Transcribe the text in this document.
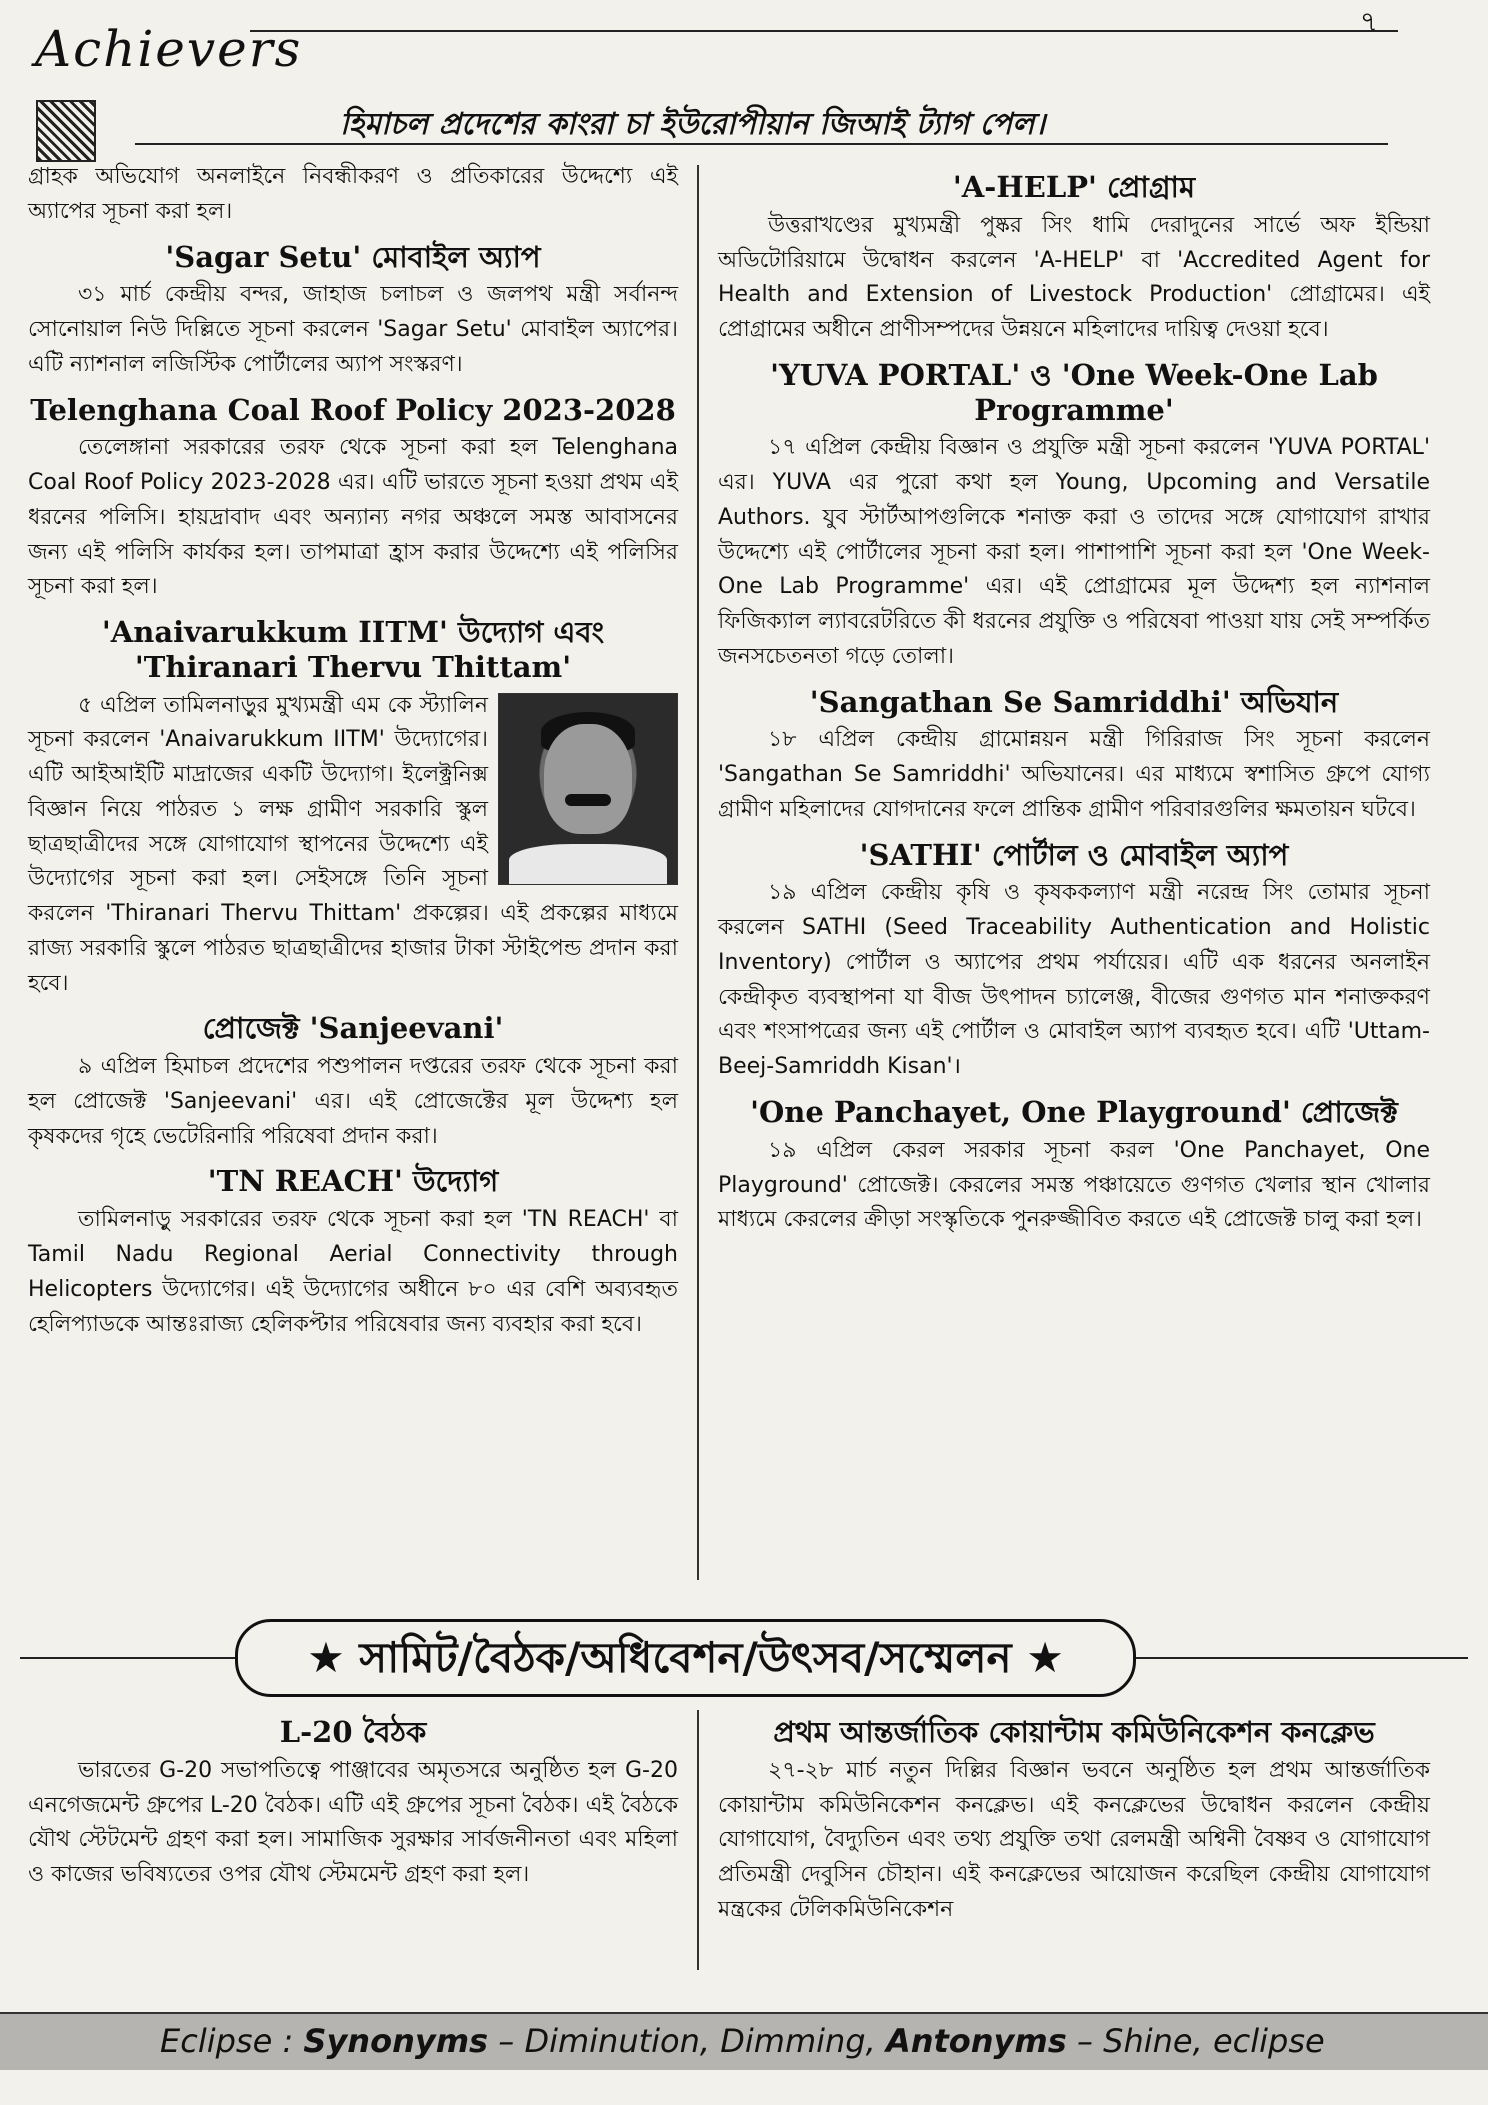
Achievers	৭
হিমাচল প্রদেশের কাংরা চা ইউরোপীয়ান জিআই ট্যাগ পেল।

গ্রাহক অভিযোগ অনলাইনে নিবন্ধীকরণ ও প্রতিকারের উদ্দেশ্যে এই অ্যাপের সূচনা করা হল।

'Sagar Setu' মোবাইল অ্যাপ

৩১ মার্চ কেন্দ্রীয় বন্দর, জাহাজ চলাচল ও জলপথ মন্ত্রী সর্বানন্দ সোনোয়াল নিউ দিল্লিতে সূচনা করলেন 'Sagar Setu' মোবাইল অ্যাপের। এটি ন্যাশনাল লজিস্টিক পোর্টালের অ্যাপ সংস্করণ।

Telenghana Coal Roof Policy 2023-2028

তেলেঙ্গানা সরকারের তরফ থেকে সূচনা করা হল Telenghana Coal Roof Policy 2023-2028 এর। এটি ভারতে সূচনা হওয়া প্রথম এই ধরনের পলিসি। হায়দ্রাবাদ এবং অন্যান্য নগর অঞ্চলে সমস্ত আবাসনের জন্য এই পলিসি কার্যকর হল। তাপমাত্রা হ্রাস করার উদ্দেশ্যে এই পলিসির সূচনা করা হল।

'Anaivarukkum IITM' উদ্যোগ এবং 'Thiranari Thervu Thittam'

৫ এপ্রিল তামিলনাড়ুর মুখ্যমন্ত্রী এম কে স্ট্যালিন সূচনা করলেন 'Anaivarukkum IITM' উদ্যোগের। এটি আইআইটি মাদ্রাজের একটি উদ্যোগ। ইলেক্ট্রনিক্স বিজ্ঞান নিয়ে পাঠরত ১ লক্ষ গ্রামীণ সরকারি স্কুল ছাত্রছাত্রীদের সঙ্গে যোগাযোগ স্থাপনের উদ্দেশ্যে এই উদ্যোগের সূচনা করা হল। সেইসঙ্গে তিনি সূচনা করলেন 'Thiranari Thervu Thittam' প্রকল্পের। এই প্রকল্পের মাধ্যমে রাজ্য সরকারি স্কুলে পাঠরত ছাত্রছাত্রীদের হাজার টাকা স্টাইপেন্ড প্রদান করা হবে।

প্রোজেক্ট 'Sanjeevani'

৯ এপ্রিল হিমাচল প্রদেশের পশুপালন দপ্তরের তরফ থেকে সূচনা করা হল প্রোজেক্ট 'Sanjeevani' এর। এই প্রোজেক্টের মূল উদ্দেশ্য হল কৃষকদের গৃহে ভেটেরিনারি পরিষেবা প্রদান করা।

'TN REACH' উদ্যোগ

তামিলনাড়ু সরকারের তরফ থেকে সূচনা করা হল 'TN REACH' বা Tamil Nadu Regional Aerial Connectivity through Helicopters উদ্যোগের। এই উদ্যোগের অধীনে ৮০ এর বেশি অব্যবহৃত হেলিপ্যাডকে আন্তঃরাজ্য হেলিকপ্টার পরিষেবার জন্য ব্যবহার করা হবে।

'A-HELP' প্রোগ্রাম

উত্তরাখণ্ডের মুখ্যমন্ত্রী পুষ্কর সিং ধামি দেরাদুনের সার্ভে অফ ইন্ডিয়া অডিটোরিয়ামে উদ্বোধন করলেন 'A-HELP' বা 'Accredited Agent for Health and Extension of Livestock Production' প্রোগ্রামের। এই প্রোগ্রামের অধীনে প্রাণীসম্পদের উন্নয়নে মহিলাদের দায়িত্ব দেওয়া হবে।

'YUVA PORTAL' ও 'One Week-One Lab Programme'

১৭ এপ্রিল কেন্দ্রীয় বিজ্ঞান ও প্রযুক্তি মন্ত্রী সূচনা করলেন 'YUVA PORTAL' এর। YUVA এর পুরো কথা হল Young, Upcoming and Versatile Authors. যুব স্টার্টআপগুলিকে শনাক্ত করা ও তাদের সঙ্গে যোগাযোগ রাখার উদ্দেশ্যে এই পোর্টালের সূচনা করা হল। পাশাপাশি সূচনা করা হল 'One Week-One Lab Programme' এর। এই প্রোগ্রামের মূল উদ্দেশ্য হল ন্যাশনাল ফিজিক্যাল ল্যাবরেটরিতে কী ধরনের প্রযুক্তি ও পরিষেবা পাওয়া যায় সেই সম্পর্কিত জনসচেতনতা গড়ে তোলা।

'Sangathan Se Samriddhi' অভিযান

১৮ এপ্রিল কেন্দ্রীয় গ্রামোন্নয়ন মন্ত্রী গিরিরাজ সিং সূচনা করলেন 'Sangathan Se Samriddhi' অভিযানের। এর মাধ্যমে স্বশাসিত গ্রুপে যোগ্য গ্রামীণ মহিলাদের যোগদানের ফলে প্রান্তিক গ্রামীণ পরিবারগুলির ক্ষমতায়ন ঘটবে।

'SATHI' পোর্টাল ও মোবাইল অ্যাপ

১৯ এপ্রিল কেন্দ্রীয় কৃষি ও কৃষককল্যাণ মন্ত্রী নরেন্দ্র সিং তোমার সূচনা করলেন SATHI (Seed Traceability Authentication and Holistic Inventory) পোর্টাল ও অ্যাপের প্রথম পর্যায়ের। এটি এক ধরনের অনলাইন কেন্দ্রীকৃত ব্যবস্থাপনা যা বীজ উৎপাদন চ্যালেঞ্জ, বীজের গুণগত মান শনাক্তকরণ এবং শংসাপত্রের জন্য এই পোর্টাল ও মোবাইল অ্যাপ ব্যবহৃত হবে। এটি 'Uttam-Beej-Samriddh Kisan'।

'One Panchayet, One Playground' প্রোজেক্ট

১৯ এপ্রিল কেরল সরকার সূচনা করল 'One Panchayet, One Playground' প্রোজেক্ট। কেরলের সমস্ত পঞ্চায়েতে গুণগত খেলার স্থান খোলার মাধ্যমে কেরলের ক্রীড়া সংস্কৃতিকে পুনরুজ্জীবিত করতে এই প্রোজেক্ট চালু করা হল।

★ সামিট/বৈঠক/অধিবেশন/উৎসব/সম্মেলন ★
L-20 বৈঠক

ভারতের G-20 সভাপতিত্বে পাঞ্জাবের অমৃতসরে অনুষ্ঠিত হল G-20 এনগেজমেন্ট গ্রুপের L-20 বৈঠক। এটি এই গ্রুপের সূচনা বৈঠক। এই বৈঠকে যৌথ স্টেটমেন্ট গ্রহণ করা হল। সামাজিক সুরক্ষার সার্বজনীনতা এবং মহিলা ও কাজের ভবিষ্যতের ওপর যৌথ স্টেমমেন্ট গ্রহণ করা হল।

প্রথম আন্তর্জাতিক কোয়ান্টাম কমিউনিকেশন কনক্লেভ

২৭-২৮ মার্চ নতুন দিল্লির বিজ্ঞান ভবনে অনুষ্ঠিত হল প্রথম আন্তর্জাতিক কোয়ান্টাম কমিউনিকেশন কনক্লেভ। এই কনক্লেভের উদ্বোধন করলেন কেন্দ্রীয় যোগাযোগ, বৈদ্যুতিন এবং তথ্য প্রযুক্তি তথা রেলমন্ত্রী অশ্বিনী বৈষ্ণব ও যোগাযোগ প্রতিমন্ত্রী দেবুসিন চৌহান। এই কনক্লেভের আয়োজন করেছিল কেন্দ্রীয় যোগাযোগ মন্ত্রকের টেলিকমিউনিকেশন

Eclipse : Synonyms – Diminution, Dimming, Antonyms – Shine, eclipse
